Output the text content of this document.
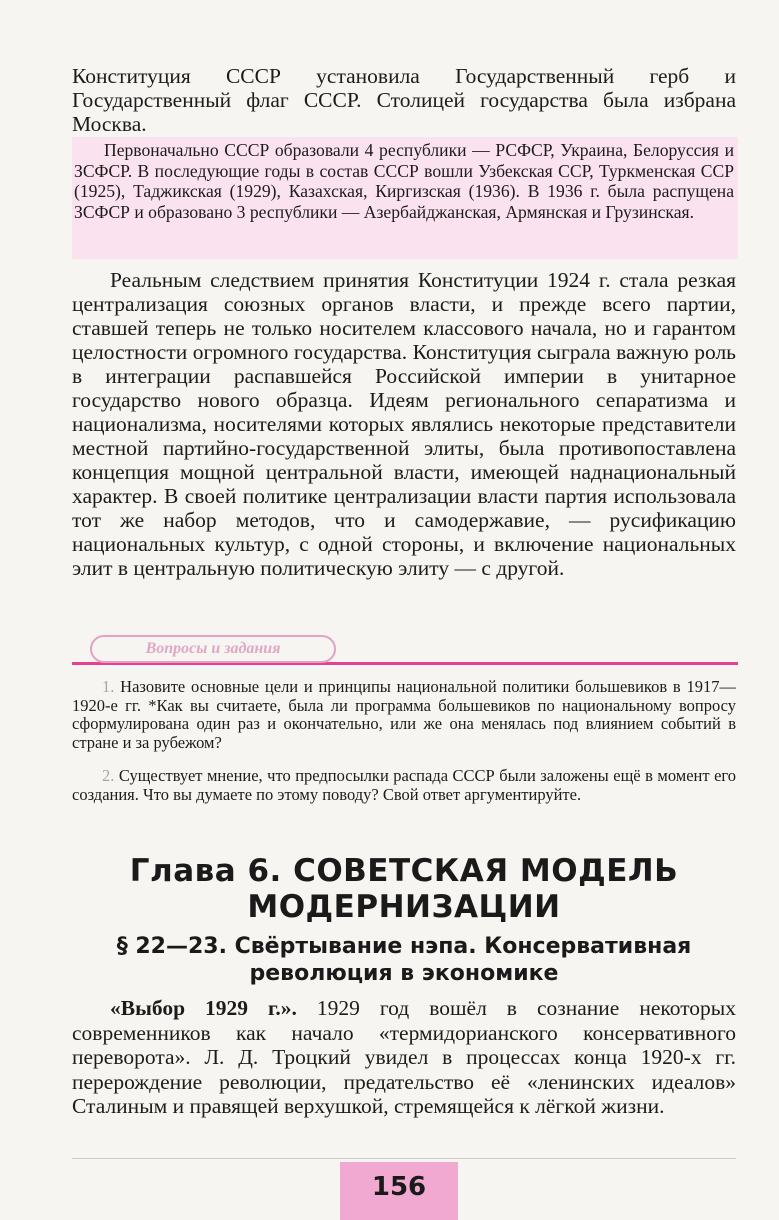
Конституция СССР установила Государственный герб и Государственный флаг СССР. Столицей государства была избрана Москва.

Первоначально СССР образовали 4 республики — РСФСР, Украина, Белоруссия и ЗСФСР. В последующие годы в состав СССР вошли Узбекская ССР, Туркменская ССР (1925), Таджикская (1929), Казахская, Киргизская (1936). В 1936 г. была распущена ЗСФСР и образовано 3 республики — Азербайджанская, Армянская и Грузинская.

Реальным следствием принятия Конституции 1924 г. стала резкая централизация союзных органов власти, и прежде всего партии, ставшей теперь не только носителем классового начала, но и гарантом целостности огромного государства. Конституция сыграла важную роль в интеграции распавшейся Российской империи в унитарное государство нового образца. Идеям регионального сепаратизма и национализма, носителями которых являлись некоторые представители местной партийно-государственной элиты, была противопоставлена концепция мощной центральной власти, имеющей наднациональный характер. В своей политике централизации власти партия использовала тот же набор методов, что и самодержавие, — русификацию национальных культур, с одной стороны, и включение национальных элит в центральную политическую элиту — с другой.

Вопросы и задания

1. Назовите основные цели и принципы национальной политики большевиков в 1917—1920-е гг. *Как вы считаете, была ли программа большевиков по национальному вопросу сформулирована один раз и окончательно, или же она менялась под влиянием событий в стране и за рубежом?

2. Существует мнение, что предпосылки распада СССР были заложены ещё в момент его создания. Что вы думаете по этому поводу? Свой ответ аргументируйте.

Глава 6. СОВЕТСКАЯ МОДЕЛЬ
МОДЕРНИЗАЦИИ
§ 22—23. Свёртывание нэпа. Консервативная
революция в экономике

«Выбор 1929 г.». 1929 год вошёл в сознание некоторых современников как начало «термидорианского консервативного переворота». Л. Д. Троцкий увидел в процессах конца 1920-х гг. перерождение революции, предательство её «ленинских идеалов» Сталиным и правящей верхушкой, стремящейся к лёгкой жизни.

156
